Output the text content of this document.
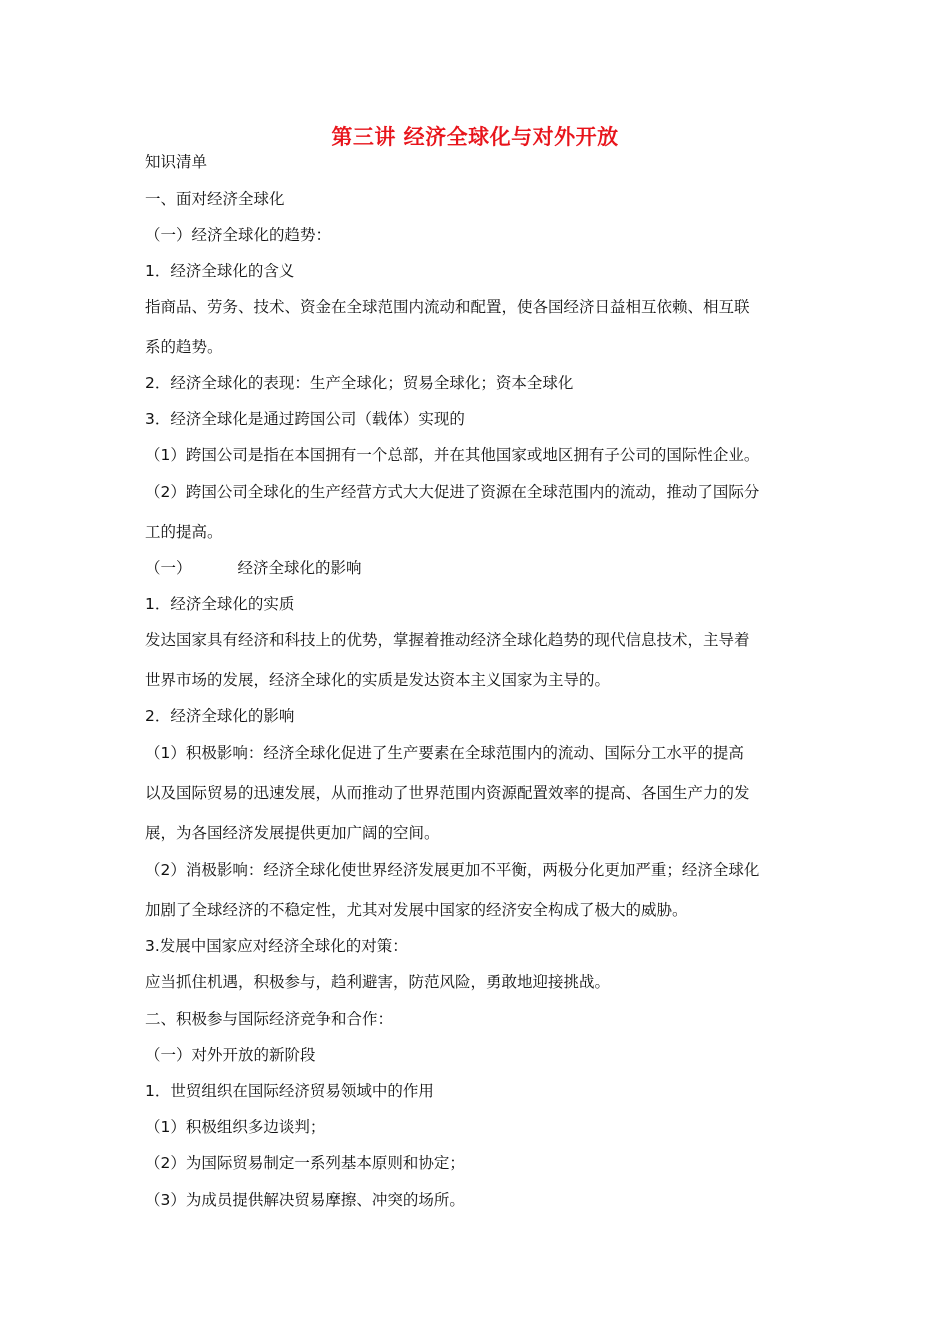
第三讲 经济全球化与对外开放

知识清单

一、面对经济全球化

（一）经济全球化的趋势：

1．经济全球化的含义

指商品、劳务、技术、资金在全球范围内流动和配置，使各国经济日益相互依赖、相互联

系的趋势。

2．经济全球化的表现：生产全球化；贸易全球化；资本全球化

3．经济全球化是通过跨国公司（载体）实现的

（1）跨国公司是指在本国拥有一个总部，并在其他国家或地区拥有子公司的国际性企业。

（2）跨国公司全球化的生产经营方式大大促进了资源在全球范围内的流动，推动了国际分

工的提高。

（一）	经济全球化的影响

1．经济全球化的实质

发达国家具有经济和科技上的优势，掌握着推动经济全球化趋势的现代信息技术，主导着

世界市场的发展，经济全球化的实质是发达资本主义国家为主导的。

2．经济全球化的影响

（1）积极影响：经济全球化促进了生产要素在全球范围内的流动、国际分工水平的提高

以及国际贸易的迅速发展，从而推动了世界范围内资源配置效率的提高、各国生产力的发

展，为各国经济发展提供更加广阔的空间。

（2）消极影响：经济全球化使世界经济发展更加不平衡，两极分化更加严重；经济全球化

加剧了全球经济的不稳定性，尤其对发展中国家的经济安全构成了极大的威胁。

3.发展中国家应对经济全球化的对策：

应当抓住机遇，积极参与，趋利避害，防范风险，勇敢地迎接挑战。

二、积极参与国际经济竞争和合作：

（一）对外开放的新阶段

1．世贸组织在国际经济贸易领域中的作用

（1）积极组织多边谈判；

（2）为国际贸易制定一系列基本原则和协定；

（3）为成员提供解决贸易摩擦、冲突的场所。
